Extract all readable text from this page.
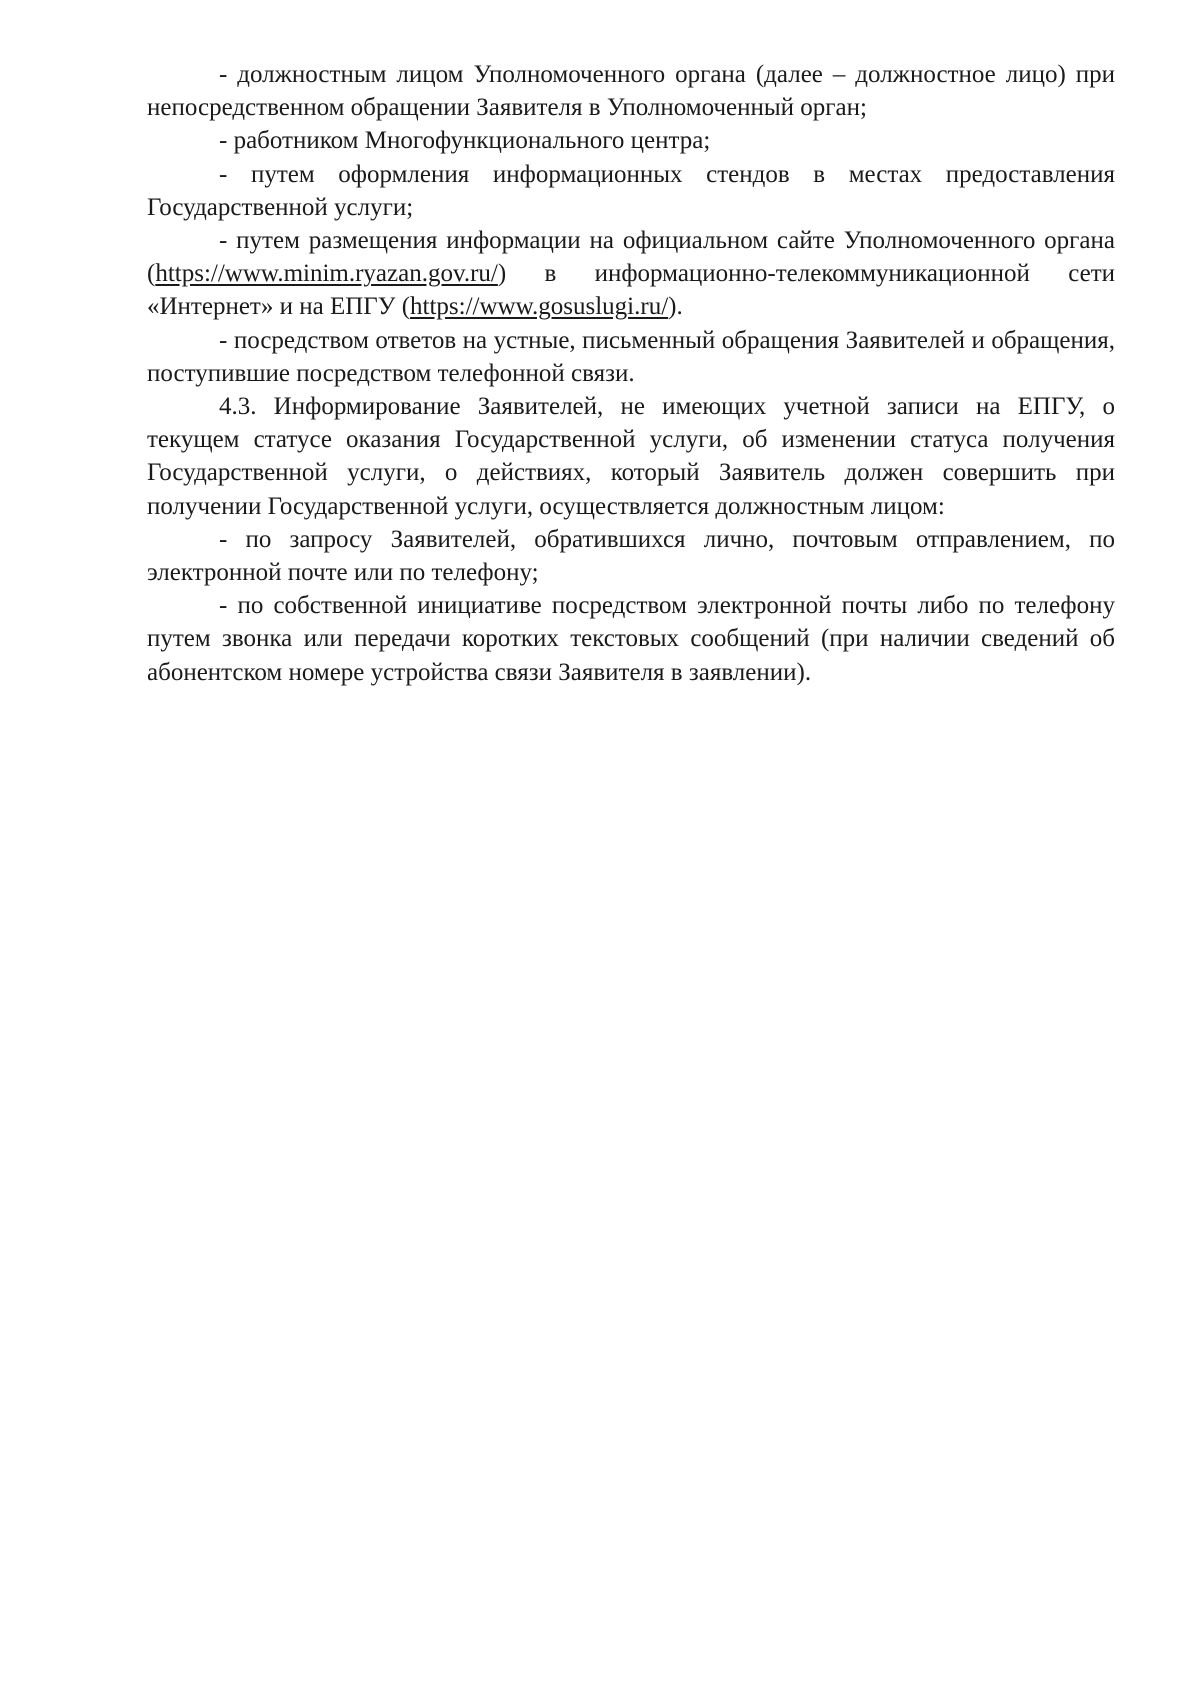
- должностным лицом Уполномоченного органа (далее – должностное лицо) при непосредственном обращении Заявителя в Уполномоченный орган;

- работником Многофункционального центра;

- путем оформления информационных стендов в местах предоставления Государственной услуги;

- путем размещения информации на официальном сайте Уполномоченного органа (https://www.minim.ryazan.gov.ru/) в информационно-телекоммуникационной сети «Интернет» и на ЕПГУ (https://www.gosuslugi.ru/).

- посредством ответов на устные, письменный обращения Заявителей и обращения, поступившие посредством телефонной связи.

4.3. Информирование Заявителей, не имеющих учетной записи на ЕПГУ, о текущем статусе оказания Государственной услуги, об изменении статуса получения Государственной услуги, о действиях, который Заявитель должен совершить при получении Государственной услуги, осуществляется должностным лицом:

- по запросу Заявителей, обратившихся лично, почтовым отправлением, по электронной почте или по телефону;

- по собственной инициативе посредством электронной почты либо по телефону путем звонка или передачи коротких текстовых сообщений (при наличии сведений об абонентском номере устройства связи Заявителя в заявлении).
